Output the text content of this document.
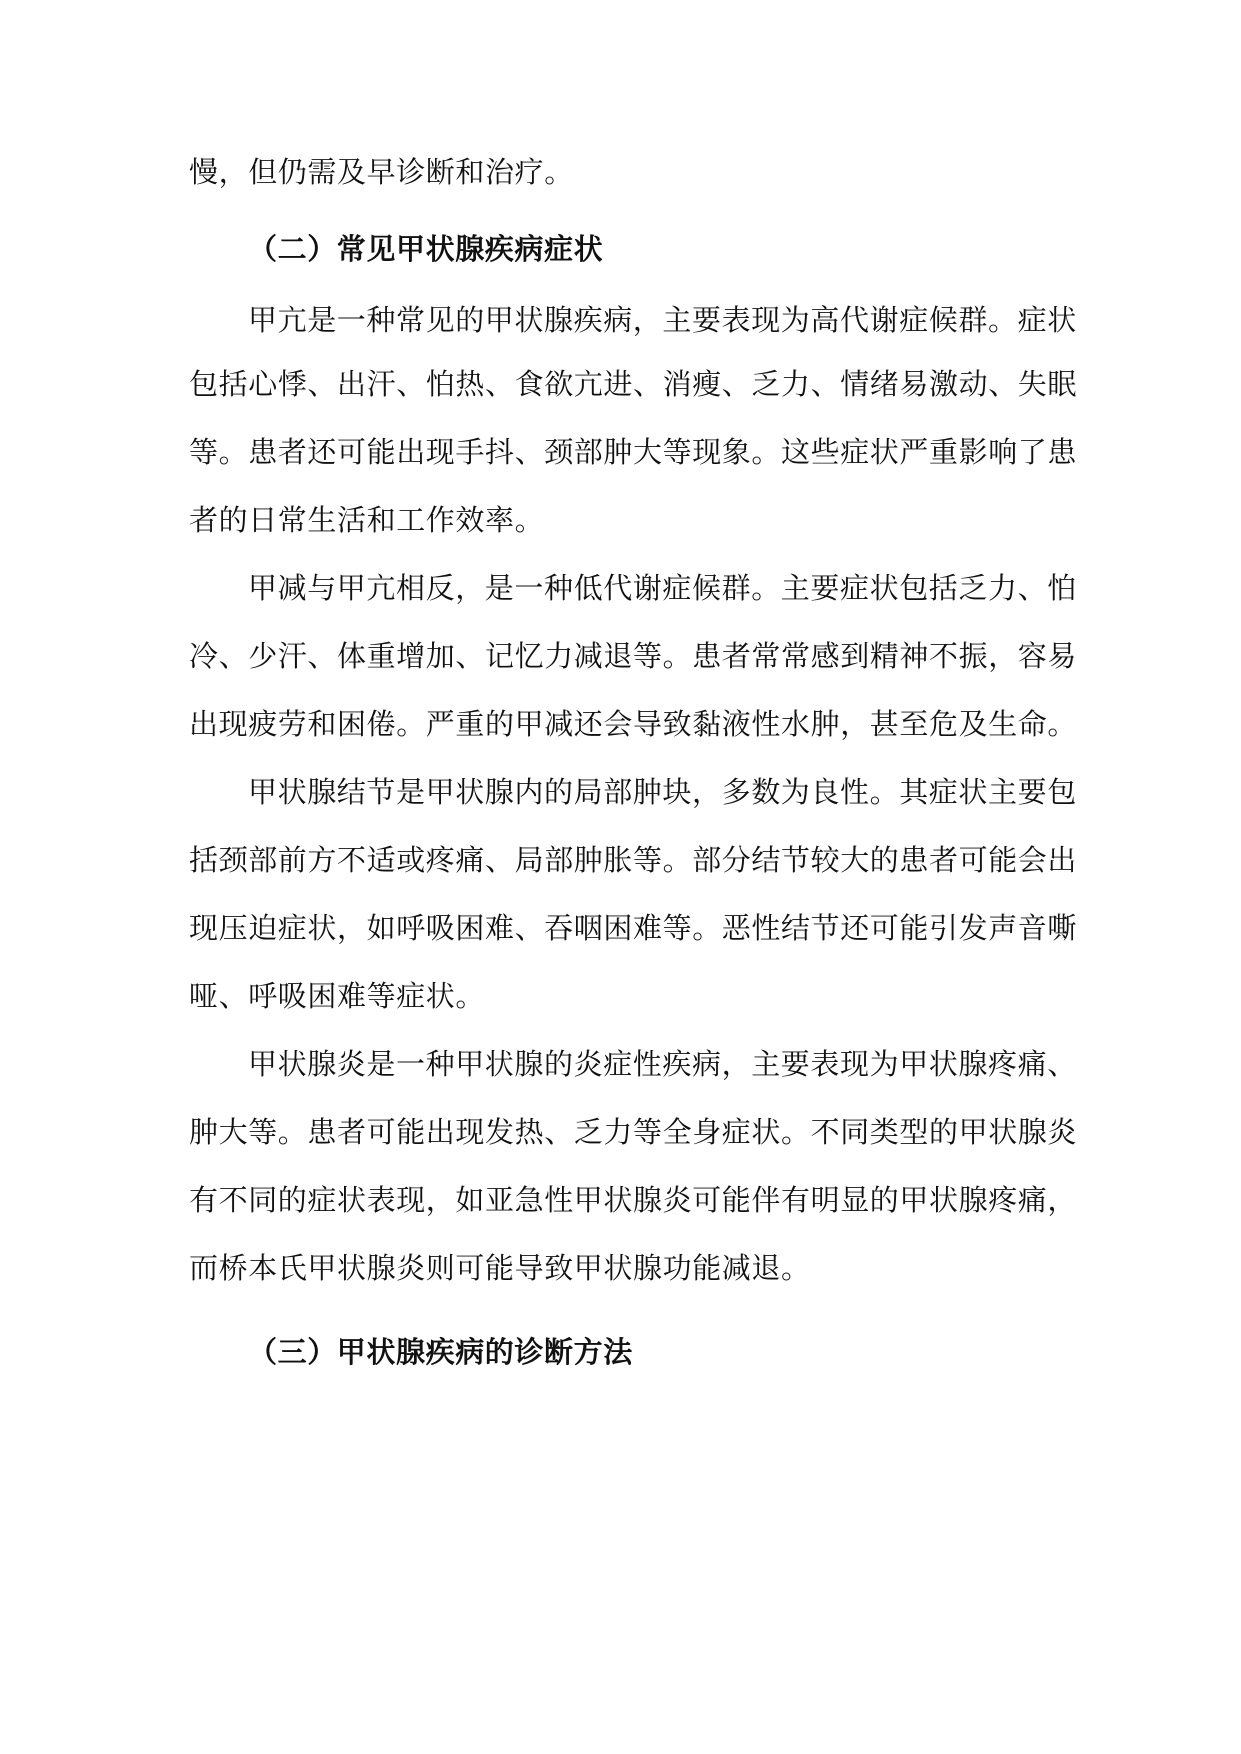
慢，但仍需及早诊断和治疗。
（二）常见甲状腺疾病症状
甲亢是一种常见的甲状腺疾病，主要表现为高代谢症候群。症状
包括心悸、出汗、怕热、食欲亢进、消瘦、乏力、情绪易激动、失眠
等。患者还可能出现手抖、颈部肿大等现象。这些症状严重影响了患
者的日常生活和工作效率。
甲减与甲亢相反，是一种低代谢症候群。主要症状包括乏力、怕
冷、少汗、体重增加、记忆力减退等。患者常常感到精神不振，容易
出现疲劳和困倦。严重的甲减还会导致黏液性水肿，甚至危及生命。
甲状腺结节是甲状腺内的局部肿块，多数为良性。其症状主要包
括颈部前方不适或疼痛、局部肿胀等。部分结节较大的患者可能会出
现压迫症状，如呼吸困难、吞咽困难等。恶性结节还可能引发声音嘶
哑、呼吸困难等症状。
甲状腺炎是一种甲状腺的炎症性疾病，主要表现为甲状腺疼痛、
肿大等。患者可能出现发热、乏力等全身症状。不同类型的甲状腺炎
有不同的症状表现，如亚急性甲状腺炎可能伴有明显的甲状腺疼痛，
而桥本氏甲状腺炎则可能导致甲状腺功能减退。
（三）甲状腺疾病的诊断方法
